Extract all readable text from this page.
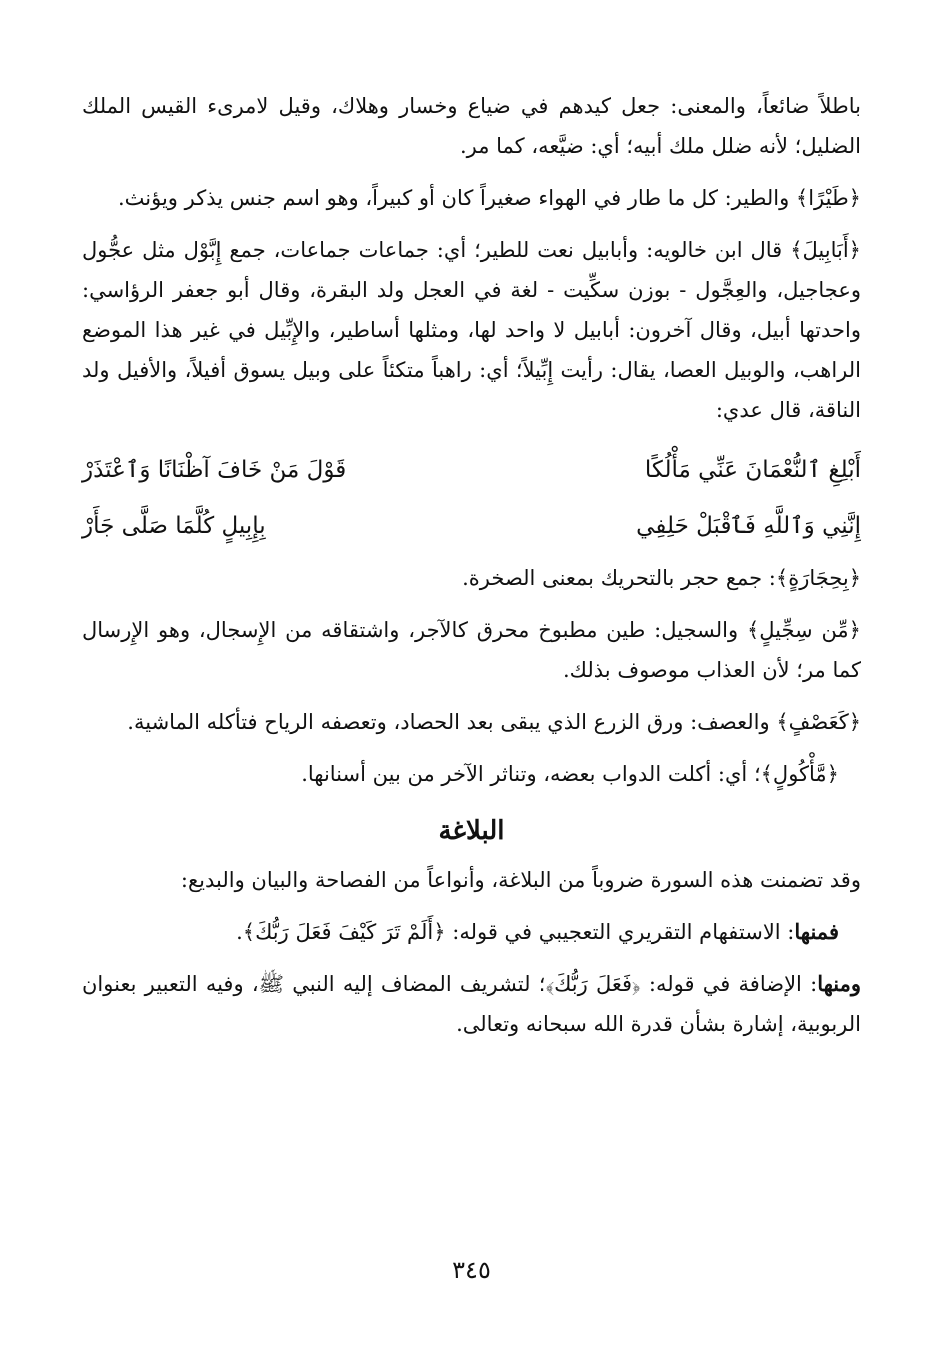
باطلاً ضائعاً، والمعنى: جعل كيدهم في ضياع وخسار وهلاك، وقيل لامرىء القيس الملك الضليل؛ لأنه ضلل ملك أبيه؛ أي: ضيَّعه، كما مر.

﴿طَيْرًا﴾ والطير: كل ما طار في الهواء صغيراً كان أو كبيراً، وهو اسم جنس يذكر ويؤنث.

﴿أَبَابِيلَ﴾ قال ابن خالويه: وأبابيل نعت للطير؛ أي: جماعات جماعات، جمع إِبَّوْل مثل عجُّول وعجاجيل، والعِجَّول - بوزن سكِّيت - لغة في العجل ولد البقرة، وقال أبو جعفر الرؤاسي: واحدتها أبيل، وقال آخرون: أبابيل لا واحد لها، ومثلها أساطير، والإِبِّيل في غير هذا الموضع الراهب، والوبيل العصا، يقال: رأيت إِبِّيلاً؛ أي: راهباً متكئاً على وبيل يسوق أفيلاً، والأفيل ولد الناقة، قال عدي:

أَبْلِغِ ٱلنُّعْمَانَ عَنِّي مَأْلُكًا
قَوْلَ مَنْ خَافَ آظْنَانًا وَٱعْتَذَرْ
إِنَّنِي وَٱللَّهِ فَٱقْبَلْ حَلِفِي
بِإِبِيلٍ كُلَّمَا صَلَّى جَأَرْ

﴿بِحِجَارَةٍ﴾: جمع حجر بالتحريك بمعنى الصخرة.

﴿مِّن سِجِّيلٍ﴾ والسجيل: طين مطبوخ محرق كالآجر، واشتقاقه من الإِسجال، وهو الإِرسال كما مر؛ لأن العذاب موصوف بذلك.

﴿كَعَصْفٍ﴾ والعصف: ورق الزرع الذي يبقى بعد الحصاد، وتعصفه الرياح فتأكله الماشية.

﴿مَّأْكُولٍ﴾؛ أي: أكلت الدواب بعضه، وتناثر الآخر من بين أسنانها.

البلاغة

وقد تضمنت هذه السورة ضروباً من البلاغة، وأنواعاً من الفصاحة والبيان والبديع:

فمنها: الاستفهام التقريري التعجيبي في قوله: ﴿أَلَمْ تَرَ كَيْفَ فَعَلَ رَبُّكَ﴾.

ومنها: الإضافة في قوله: ﴿فَعَلَ رَبُّكَ﴾؛ لتشريف المضاف إليه النبي ﷺ، وفيه التعبير بعنوان الربوبية، إشارة بشأن قدرة الله سبحانه وتعالى.

٣٤٥
